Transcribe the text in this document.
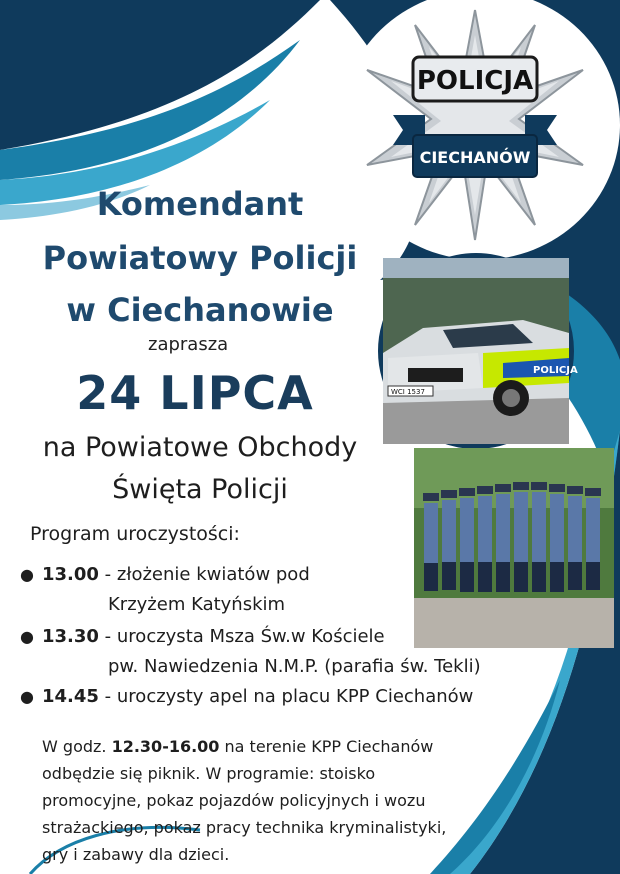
POLICJA
CIECHANÓW
POLICJA
WCI 1537
Komendant
Powiatowy Policji
w Ciechanowie
zaprasza
24 LIPCA
na Powiatowe Obchody
Święta Policji
Program uroczystości:
● 13.00 - złożenie kwiatów pod
Krzyżem Katyńskim
● 13.30 - uroczysta Msza Św.w Kościele
pw. Nawiedzenia N.M.P. (parafia św. Tekli)
● 14.45 - uroczysty apel na placu KPP Ciechanów
W godz. 12.30-16.00 na terenie KPP Ciechanów odbędzie się piknik. W programie: stoisko promocyjne, pokaz pojazdów policyjnych i wozu strażackiego, pokaz pracy technika kryminalistyki, gry i zabawy dla dzieci.
